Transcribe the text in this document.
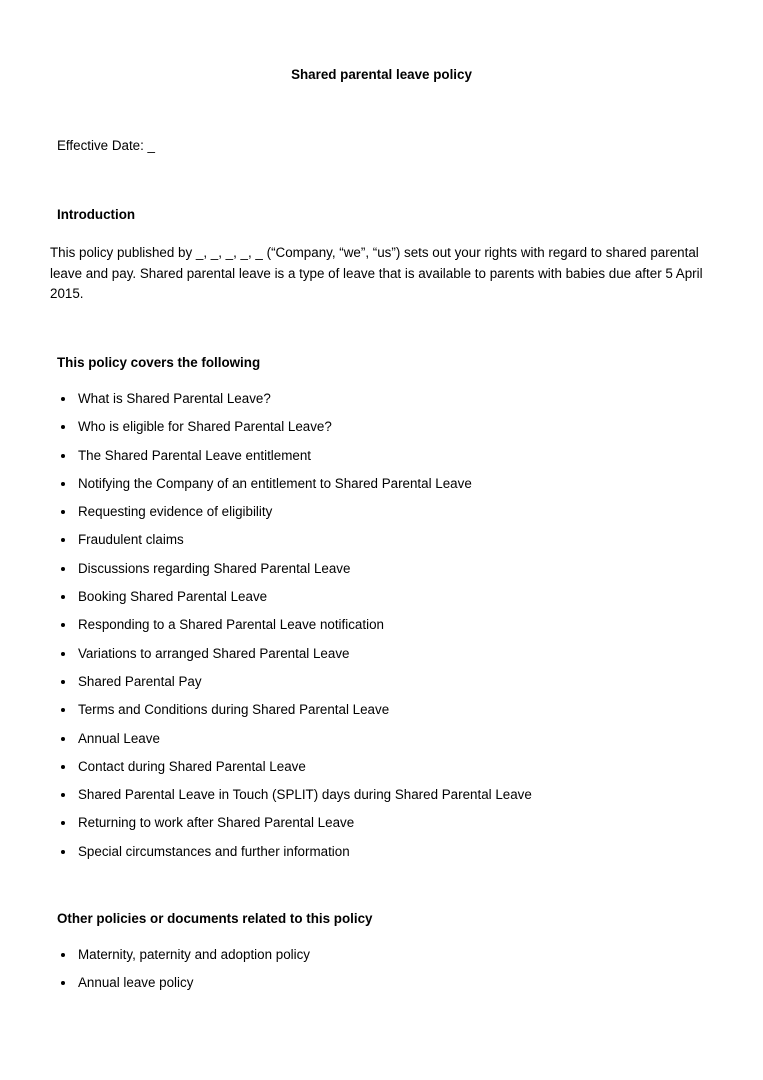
Shared parental leave policy

Effective Date: _

Introduction

This policy published by _, _, _, _, _ (“Company, “we”, “us”) sets out your rights with regard to shared parental leave and pay. Shared parental leave is a type of leave that is available to parents with babies due after 5 April 2015.

This policy covers the following
What is Shared Parental Leave?
Who is eligible for Shared Parental Leave?
The Shared Parental Leave entitlement
Notifying the Company of an entitlement to Shared Parental Leave
Requesting evidence of eligibility
Fraudulent claims
Discussions regarding Shared Parental Leave
Booking Shared Parental Leave
Responding to a Shared Parental Leave notification
Variations to arranged Shared Parental Leave
Shared Parental Pay
Terms and Conditions during Shared Parental Leave
Annual Leave
Contact during Shared Parental Leave
Shared Parental Leave in Touch (SPLIT) days during Shared Parental Leave
Returning to work after Shared Parental Leave
Special circumstances and further information
Other policies or documents related to this policy
Maternity, paternity and adoption policy
Annual leave policy
